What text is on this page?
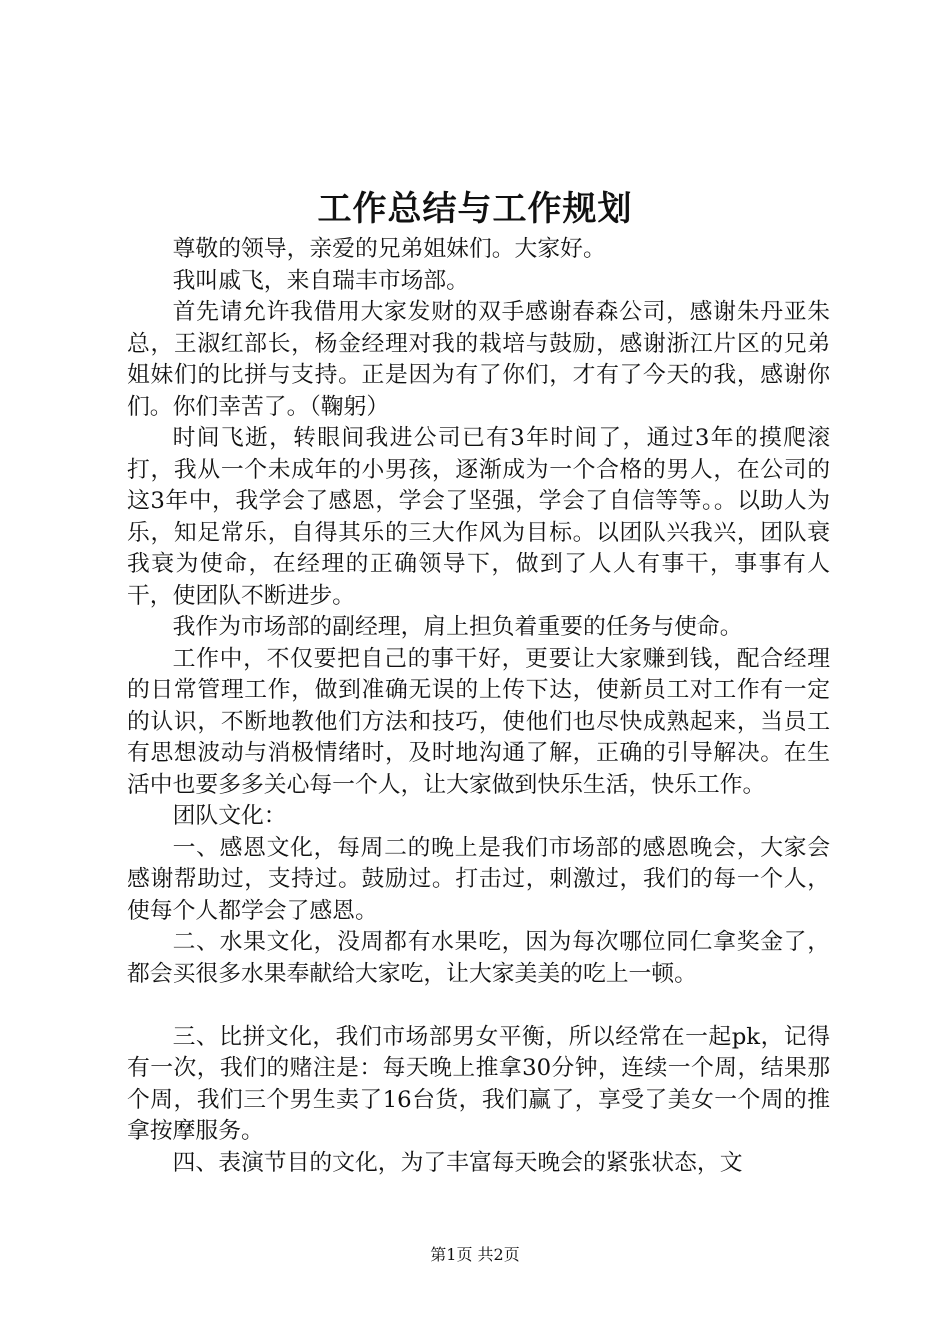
工作总结与工作规划

尊敬的领导，亲爱的兄弟姐妹们。大家好。

我叫戚飞，来自瑞丰市场部。

首先请允许我借用大家发财的双手感谢春森公司，感谢朱丹亚朱总，王淑红部长，杨金经理对我的栽培与鼓励，感谢浙江片区的兄弟姐妹们的比拼与支持。正是因为有了你们，才有了今天的我，感谢你们。你们幸苦了。（鞠躬）

时间飞逝，转眼间我进公司已有3年时间了，通过3年的摸爬滚打，我从一个未成年的小男孩，逐渐成为一个合格的男人，在公司的这3年中，我学会了感恩，学会了坚强，学会了自信等等。。以助人为乐，知足常乐，自得其乐的三大作风为目标。以团队兴我兴，团队衰我衰为使命，在经理的正确领导下，做到了人人有事干，事事有人干，使团队不断进步。

我作为市场部的副经理，肩上担负着重要的任务与使命。

工作中，不仅要把自己的事干好，更要让大家赚到钱，配合经理的日常管理工作，做到准确无误的上传下达，使新员工对工作有一定的认识，不断地教他们方法和技巧，使他们也尽快成熟起来，当员工有思想波动与消极情绪时，及时地沟通了解，正确的引导解决。在生活中也要多多关心每一个人，让大家做到快乐生活，快乐工作。

团队文化：

一、感恩文化，每周二的晚上是我们市场部的感恩晚会，大家会感谢帮助过，支持过。鼓励过。打击过，刺激过，我们的每一个人，使每个人都学会了感恩。

二、水果文化，没周都有水果吃，因为每次哪位同仁拿奖金了，都会买很多水果奉献给大家吃，让大家美美的吃上一顿。

三、比拼文化，我们市场部男女平衡，所以经常在一起pk，记得有一次，我们的赌注是：每天晚上推拿30分钟，连续一个周，结果那个周，我们三个男生卖了16台货，我们赢了，享受了美女一个周的推拿按摩服务。

四、表演节目的文化，为了丰富每天晚会的紧张状态，文

第1页 共2页
